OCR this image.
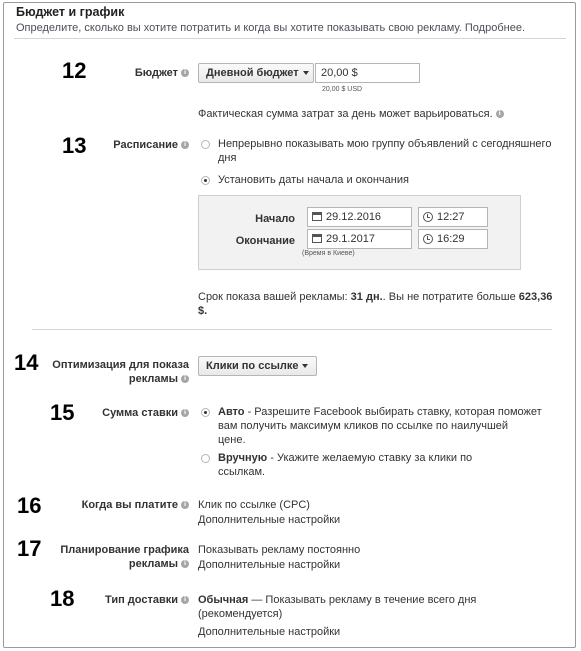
Бюджет и график
Определите, сколько вы хотите потратить и когда вы хотите показывать свою рекламу. Подробнее.
12	Бюджет i	Дневной бюджет
20,00 $
20,00 $ USD
Фактическая сумма затрат за день может варьироваться. i
13	Расписание i	Непрерывно показывать мою группу объявлений с сегодняшнего
дня
Установить даты начала и окончания
Начало	29.12.2016	12:27
Окончание	29.1.2017	16:29
(Время в Киеве)
Срок показа вашей рекламы: 31 дн.. Вы не потратите больше 623,36
$.
14	Оптимизация для показа
рекламы i
Клики по ссылке
15	Сумма ставки i	Авто - Разрешите Facebook выбирать ставку, которая поможет
вам получить максимум кликов по ссылке по наилучшей
цене.
Вручную - Укажите желаемую ставку за клики по
ссылкам.
16	Когда вы платите i Клик по ссылке (CPC)
Дополнительные настройки
17	Планирование графика
рекламы i
Показывать рекламу постоянно
Дополнительные настройки
18	Тип доставки i Обычная — Показывать рекламу в течение всего дня
(рекомендуется)
Дополнительные настройки
